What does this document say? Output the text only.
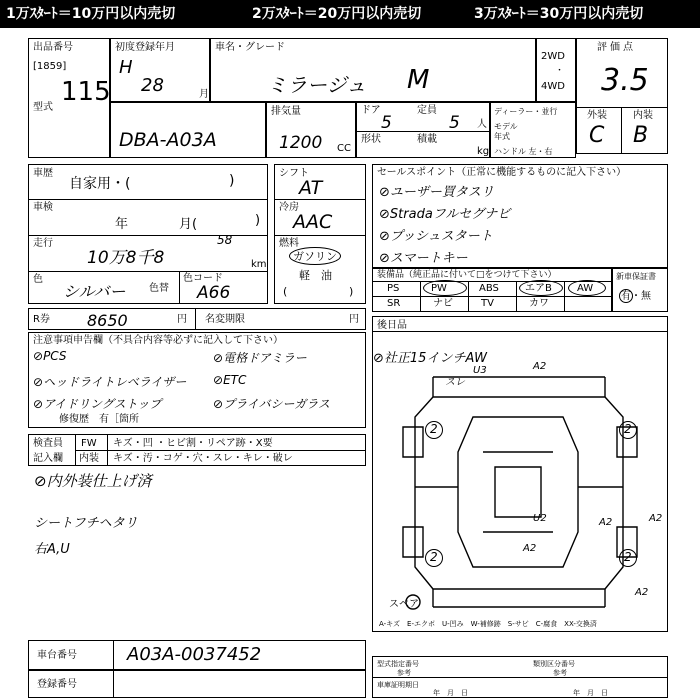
1万ｽﾀｰﾄ＝10万円以内売切	2万ｽﾀｰﾄ＝20万円以内売切	3万ｽﾀｰﾄ＝30万円以内売切
出品番号
[1859]
115
型式
初度登録年月
H
28	月
車名・グレード
ミラージュ M
2WD
・
4WD
評価点
3.5
外装	内装
C B
DBA-A03A
排気量
1200 CC
ドア
5
定員
5 人
形状	積載
kg
ディーラー・並行
モデル
年式
ハンドル 左・右
車歴
自家用・(	)
車検
年	月(	)
走行
10万8千8
58
km
色
シルバー 色替
色コード
A66
シフト
AT
冷房
AAC
燃料
ガソリン
軽　油
(	)
セールスポイント（正常に機能するものに記入下さい）
⊘ユーザー買タスリ
⊘Stradaフルセグナビ
⊘プッシュスタート
⊘スマートキー
装備品（純正品に付いて□をつけて下さい）
PS	PW	ABS	エアB	AW
SR	ナビ	TV	カワ
新車保証書
有・無
R券 8650	円 名変期限	円
注意事項申告欄（不具合内容等必ずに記入して下さい）
⊘PCS
⊘ヘッドライトレベライザー
⊘アイドリングストップ
⊘電格ドアミラー
⊘ETC
⊘プライバシーガラス
修復歴　有［箇所
検査員
記入欄
FW キズ・凹 ・ヒビ割・リペア跡・X要
内装 キズ・汚・コゲ・穴・スレ・キレ・破レ
⊘内外装仕上げ済
シートフチヘタリ
右A,U
後日品
⊘社正15インチAW
スペア
スレ
U3	A2
2	2
2	2
A2	A2
A2
U2
A2
A-キズ　E-エクボ　U-凹み　W-補修跡　S-サビ　C-腐食　XX-交換済
車台番号	A03A-0037452
登録番号
型式指定番号
参考
類別区分番号
参考
車庫証明期日
年　月　日	年　月　日
